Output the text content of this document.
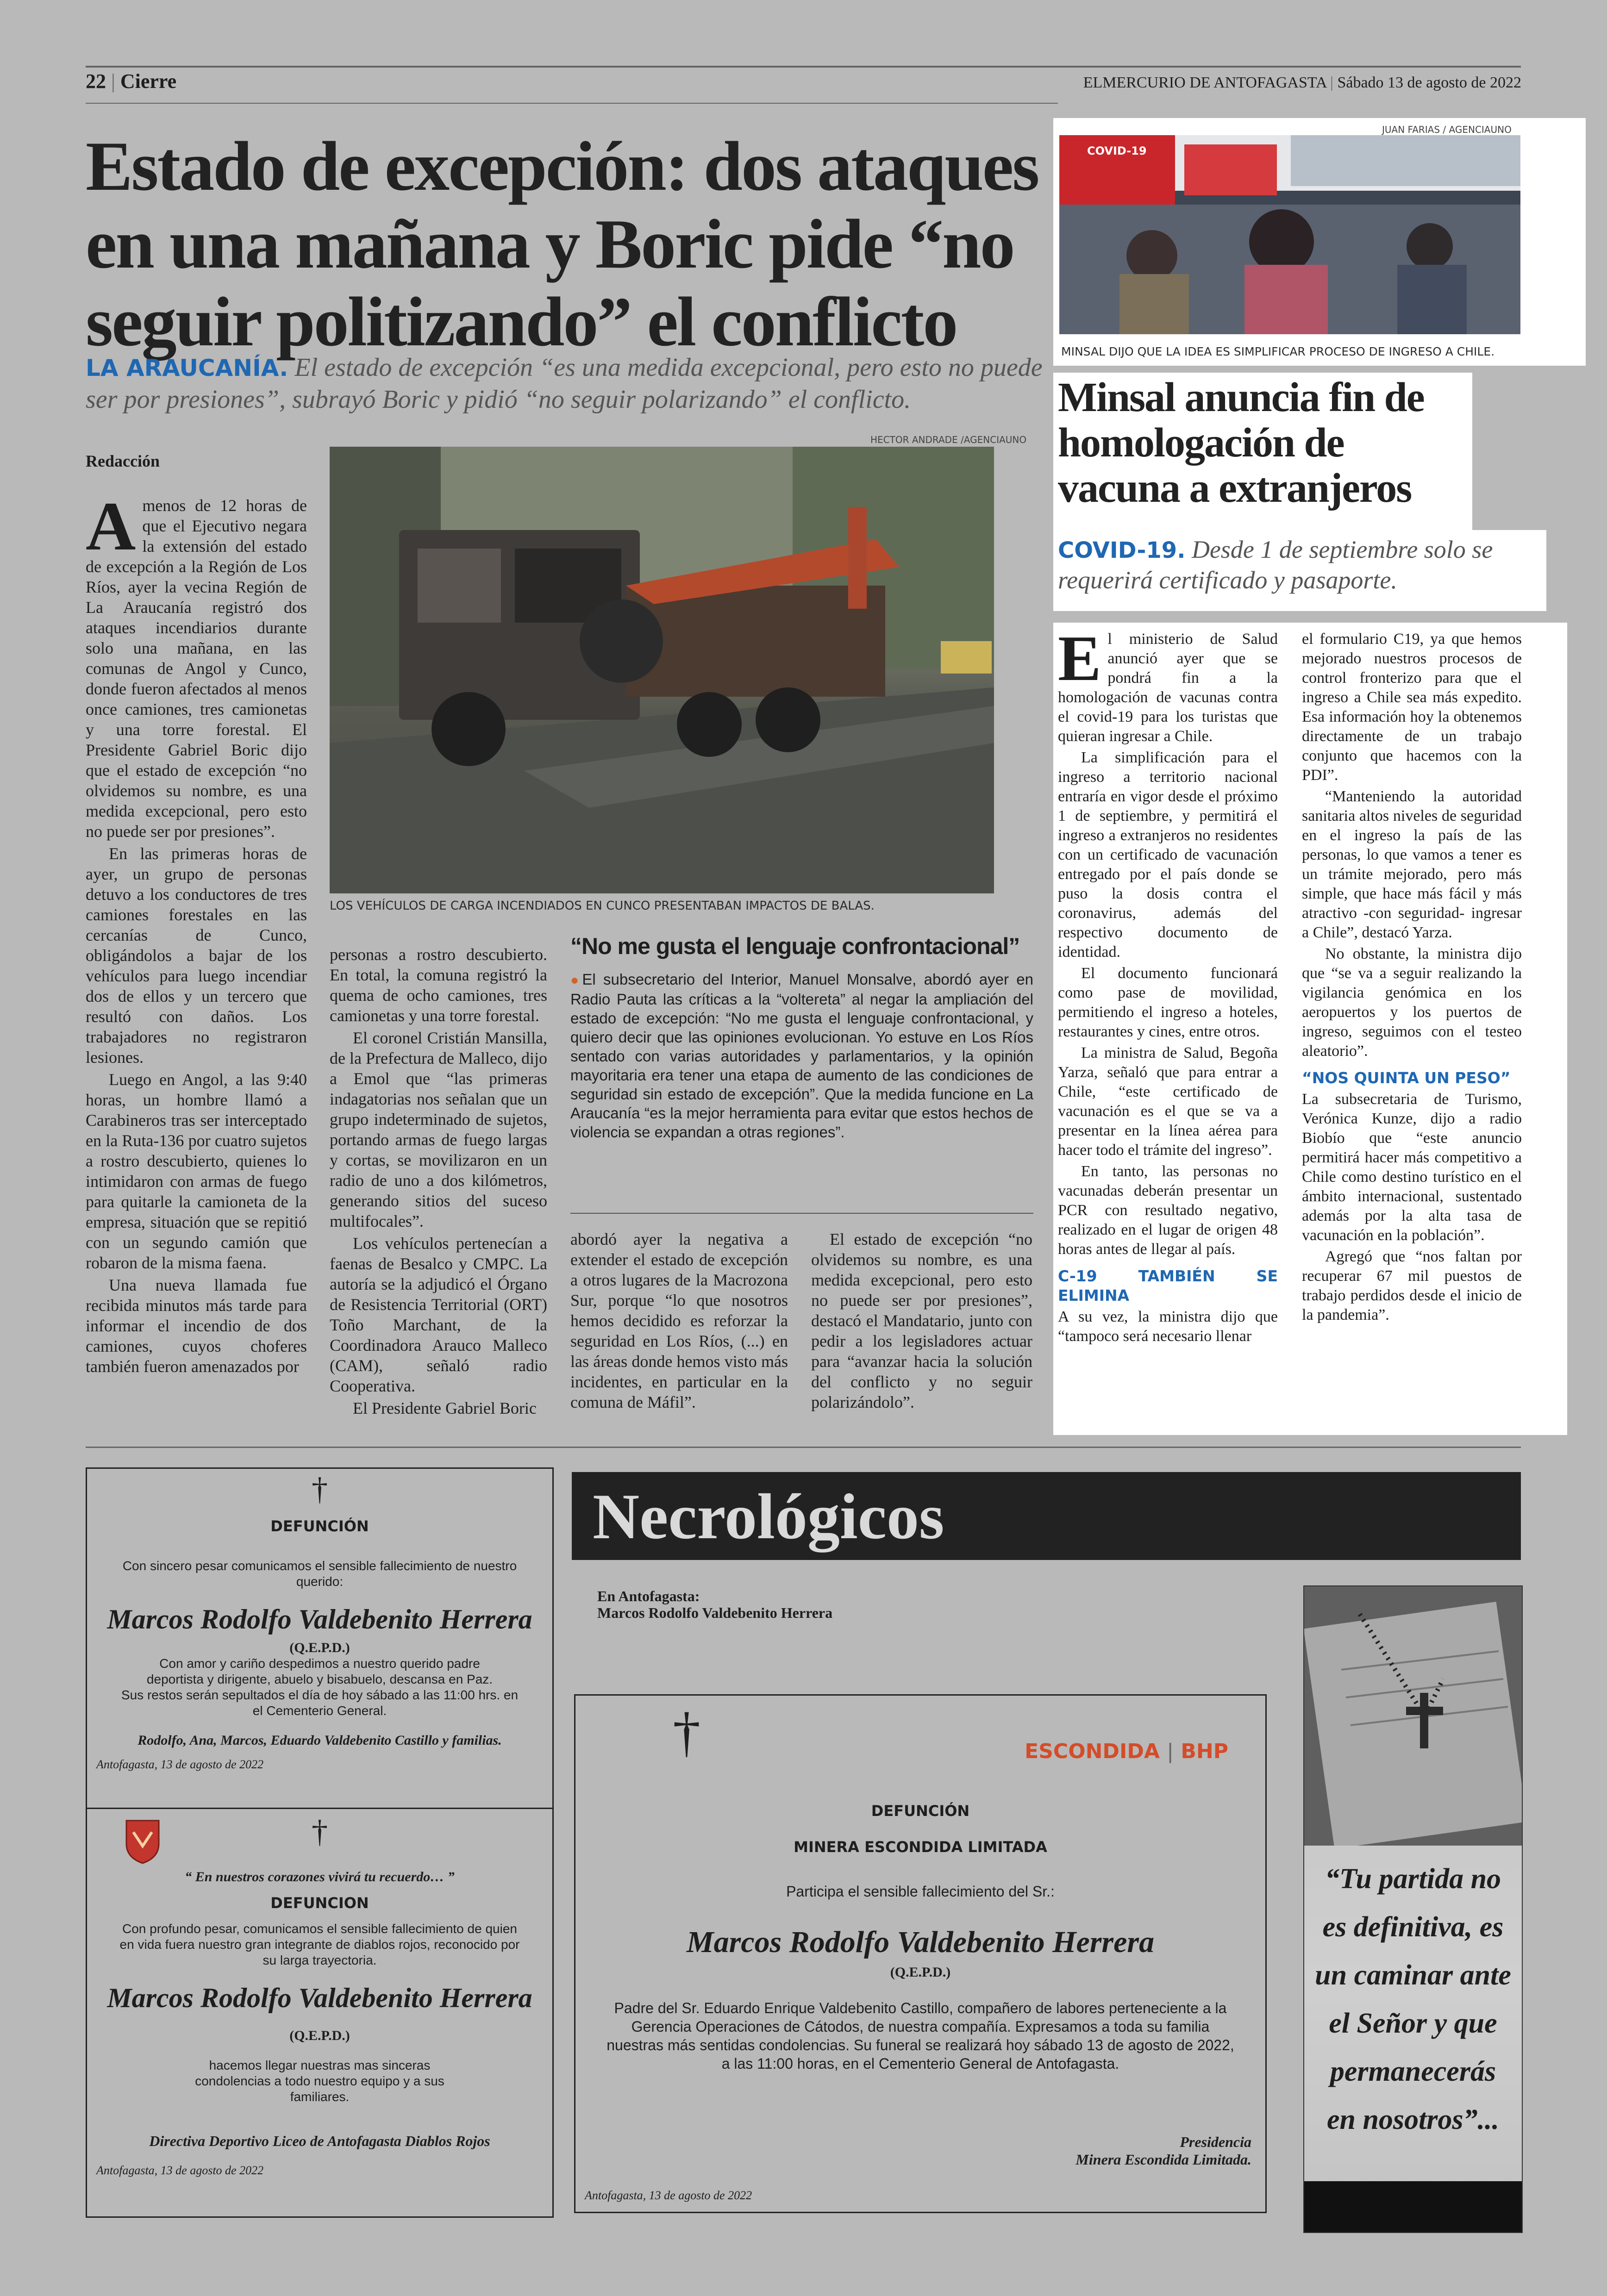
22 | Cierre	ELMERCURIO DE ANTOFAGASTA | Sábado 13 de agosto de 2022
Estado de excepción: dos ataques en una mañana y Boric pide “no seguir politizando” el conflicto
LA ARAUCANÍA. El estado de excepción “es una medida excepcional, pero esto no puede ser por presiones”, subrayó Boric y pidió “no seguir polarizando” el conflicto.
Redacción
HECTOR ANDRADE /AGENCIAUNO
LOS VEHÍCULOS DE CARGA INCENDIADOS EN CUNCO PRESENTABAN IMPACTOS DE BALAS.

Amenos de 12 horas de que el Ejecutivo negara la extensión del estado de excepción a la Región de Los Ríos, ayer la vecina Región de La Araucanía registró dos ataques incendiarios durante solo una mañana, en las comunas de Angol y Cunco, donde fueron afectados al menos once camiones, tres camionetas y una torre forestal. El Presidente Gabriel Boric dijo que el estado de excepción “no olvidemos su nombre, es una medida excepcional, pero esto no puede ser por presiones”.

En las primeras horas de ayer, un grupo de personas detuvo a los conductores de tres camiones forestales en las cercanías de Cunco, obligándolos a bajar de los vehículos para luego incendiar dos de ellos y un tercero que resultó con daños. Los trabajadores no registraron lesiones.

Luego en Angol, a las 9:40 horas, un hombre llamó a Carabineros tras ser interceptado en la Ruta-136 por cuatro sujetos a rostro descubierto, quienes lo intimidaron con armas de fuego para quitarle la camioneta de la empresa, situación que se repitió con un segundo camión que robaron de la misma faena.

Una nueva llamada fue recibida minutos más tarde para informar el incendio de dos camiones, cuyos choferes también fueron amenazados por

personas a rostro descubierto. En total, la comuna registró la quema de ocho camiones, tres camionetas y una torre forestal.

El coronel Cristián Mansilla, de la Prefectura de Malleco, dijo a Emol que “las primeras indagatorias nos señalan que un grupo indeterminado de sujetos, portando armas de fuego largas y cortas, se movilizaron en un radio de uno a dos kilómetros, generando sitios del suceso multifocales”.

Los vehículos pertenecían a faenas de Besalco y CMPC. La autoría se la adjudicó el Órgano de Resistencia Territorial (ORT) Toño Marchant, de la Coordinadora Arauco Malleco (CAM), señaló radio Cooperativa.

El Presidente Gabriel Boric

“No me gusta el lenguaje confrontacional”
●El subsecretario del Interior, Manuel Monsalve, abordó ayer en Radio Pauta las críticas a la “voltereta” al negar la ampliación del estado de excepción: “No me gusta el lenguaje confrontacional, y quiero decir que las opiniones evolucionan. Yo estuve en Los Ríos sentado con varias autoridades y parlamentarios, y la opinión mayoritaria era tener una etapa de aumento de las condiciones de seguridad sin estado de excepción”. Que la medida funcione en La Araucanía “es la mejor herramienta para evitar que estos hechos de violencia se expandan a otras regiones”.

abordó ayer la negativa a extender el estado de excepción a otros lugares de la Macrozona Sur, porque “lo que nosotros hemos decidido es reforzar la seguridad en Los Ríos, (...) en las áreas donde hemos visto más incidentes, en particular en la comuna de Máfil”.

El estado de excepción “no olvidemos su nombre, es una medida excepcional, pero esto no puede ser por presiones”, destacó el Mandatario, junto con pedir a los legisladores actuar para “avanzar hacia la solución del conflicto y no seguir polarizándolo”.

JUAN FARIAS / AGENCIAUNO
COVID-19
MINSAL DIJO QUE LA IDEA ES SIMPLIFICAR PROCESO DE INGRESO A CHILE.
Minsal anuncia fin de homologación de vacuna a extranjeros
COVID-19. Desde 1 de septiembre solo se requerirá certificado y pasaporte.

El ministerio de Salud anunció ayer que se pondrá fin a la homologación de vacunas contra el covid-19 para los turistas que quieran ingresar a Chile.

La simplificación para el ingreso a territorio nacional entraría en vigor desde el próximo 1 de septiembre, y permitirá el ingreso a extranjeros no residentes con un certificado de vacunación entregado por el país donde se puso la dosis contra el coronavirus, además del respectivo documento de identidad.

El documento funcionará como pase de movilidad, permitiendo el ingreso a hoteles, restaurantes y cines, entre otros.

La ministra de Salud, Begoña Yarza, señaló que para entrar a Chile, “este certificado de vacunación es el que se va a presentar en la línea aérea para hacer todo el trámite del ingreso”.

En tanto, las personas no vacunadas deberán presentar un PCR con resultado negativo, realizado en el lugar de origen 48 horas antes de llegar al país.

C-19 TAMBIÉN SE ELIMINA

A su vez, la ministra dijo que “tampoco será necesario llenar

el formulario C19, ya que hemos mejorado nuestros procesos de control fronterizo para que el ingreso a Chile sea más expedito. Esa información hoy la obtenemos directamente de un trabajo conjunto que hacemos con la PDI”.

“Manteniendo la autoridad sanitaria altos niveles de seguridad en el ingreso la país de las personas, lo que vamos a tener es un trámite mejorado, pero más simple, que hace más fácil y más atractivo -con seguridad- ingresar a Chile”, destacó Yarza.

No obstante, la ministra dijo que “se va a seguir realizando la vigilancia genómica en los aeropuertos y los puertos de ingreso, seguimos con el testeo aleatorio”.

“NOS QUINTA UN PESO”

La subsecretaria de Turismo, Verónica Kunze, dijo a radio Biobío que “este anuncio permitirá hacer más competitivo a Chile como destino turístico en el ámbito internacional, sustentado además por la alta tasa de vacunación en la población”.

Agregó que “nos faltan por recuperar 67 mil puestos de trabajo perdidos desde el inicio de la pandemia”.

Necrológicos
En Antofagasta:
Marcos Rodolfo Valdebenito Herrera
†
DEFUNCIÓN
Con sincero pesar comunicamos el sensible fallecimiento de nuestro querido:
Marcos Rodolfo Valdebenito Herrera
(Q.E.P.D.)
Con amor y cariño despedimos a nuestro querido padre deportista y dirigente, abuelo y bisabuelo, descansa en Paz.
Sus restos serán sepultados el día de hoy sábado a las 11:00 hrs. en el Cementerio General.
Rodolfo, Ana, Marcos, Eduardo Valdebenito Castillo y familias.
Antofagasta, 13 de agosto de 2022
†
“ En nuestros corazones vivirá tu recuerdo… ”
DEFUNCION
Con profundo pesar, comunicamos el sensible fallecimiento de quien en vida fuera nuestro gran integrante de diablos rojos, reconocido por su larga trayectoria.
Marcos Rodolfo Valdebenito Herrera
(Q.E.P.D.)
hacemos llegar nuestras mas sinceras condolencias a todo nuestro equipo y a sus familiares.
Directiva Deportivo Liceo de Antofagasta Diablos Rojos
Antofagasta, 13 de agosto de 2022
†	ESCONDIDA | BHP
DEFUNCIÓN
MINERA ESCONDIDA LIMITADA
Participa el sensible fallecimiento del Sr.:
Marcos Rodolfo Valdebenito Herrera
(Q.E.P.D.)
Padre del Sr. Eduardo Enrique Valdebenito Castillo, compañero de labores perteneciente a la Gerencia Operaciones de Cátodos, de nuestra compañía. Expresamos a toda su familia nuestras más sentidas condolencias. Su funeral se realizará hoy sábado 13 de agosto de 2022, a las 11:00 horas, en el Cementerio General de Antofagasta.
Presidencia
Minera Escondida Limitada.
Antofagasta, 13 de agosto de 2022
“Tu partida no es definitiva, es un caminar ante el Señor y que permanecerás en nosotros”...
